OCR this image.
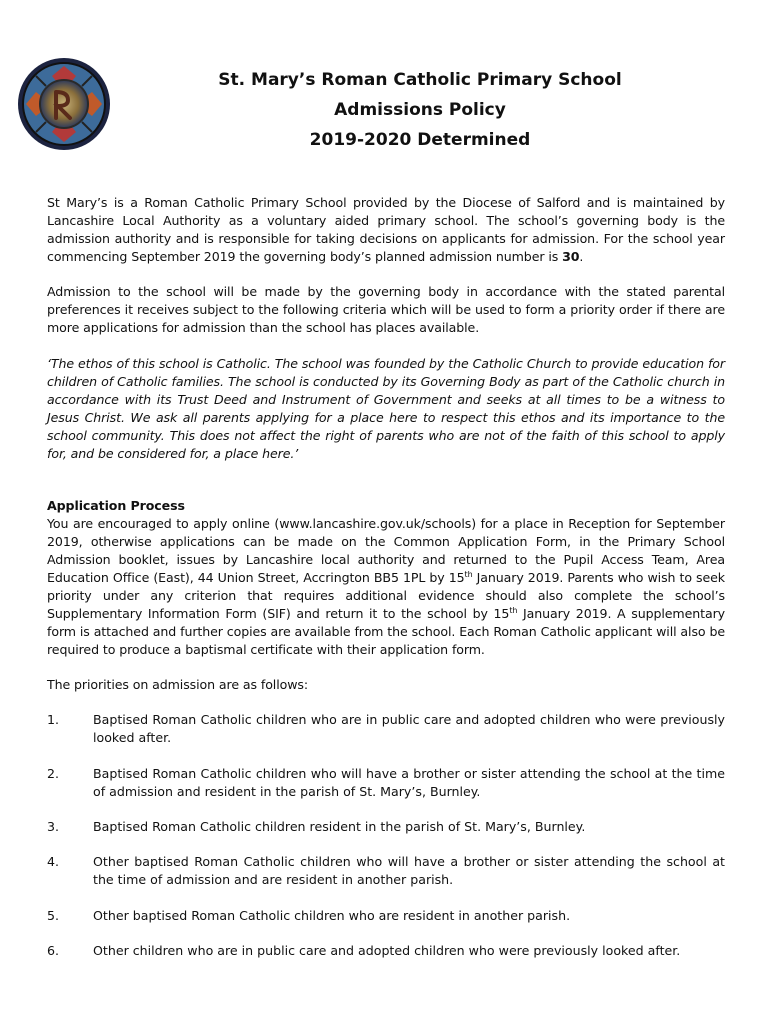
St. Mary’s Roman Catholic Primary School
Admissions Policy
2019-2020 Determined
St Mary’s is a Roman Catholic Primary School provided by the Diocese of Salford and is maintained by Lancashire Local Authority as a voluntary aided primary school. The school’s governing body is the admission authority and is responsible for taking decisions on applicants for admission. For the school year commencing September 2019 the governing body’s planned admission number is 30.
Admission to the school will be made by the governing body in accordance with the stated parental preferences it receives subject to the following criteria which will be used to form a priority order if there are more applications for admission than the school has places available.
‘The ethos of this school is Catholic. The school was founded by the Catholic Church to provide education for children of Catholic families. The school is conducted by its Governing Body as part of the Catholic church in accordance with its Trust Deed and Instrument of Government and seeks at all times to be a witness to Jesus Christ. We ask all parents applying for a place here to respect this ethos and its importance to the school community. This does not affect the right of parents who are not of the faith of this school to apply for, and be considered for, a place here.’
Application Process
You are encouraged to apply online (www.lancashire.gov.uk/schools) for a place in Reception for September 2019, otherwise applications can be made on the Common Application Form, in the Primary School Admission booklet, issues by Lancashire local authority and returned to the Pupil Access Team, Area Education Office (East), 44 Union Street, Accrington BB5 1PL by 15th January 2019. Parents who wish to seek priority under any criterion that requires additional evidence should also complete the school’s Supplementary Information Form (SIF) and return it to the school by 15th January 2019. A supplementary form is attached and further copies are available from the school. Each Roman Catholic applicant will also be required to produce a baptismal certificate with their application form.
The priorities on admission are as follows:
1.	Baptised Roman Catholic children who are in public care and adopted children who were previously looked after.
2.	Baptised Roman Catholic children who will have a brother or sister attending the school at the time of admission and resident in the parish of St. Mary’s, Burnley.
3.	Baptised Roman Catholic children resident in the parish of St. Mary’s, Burnley.
4.	Other baptised Roman Catholic children who will have a brother or sister attending the school at the time of admission and are resident in another parish.
5.	Other baptised Roman Catholic children who are resident in another parish.
6.	Other children who are in public care and adopted children who were previously looked after.
